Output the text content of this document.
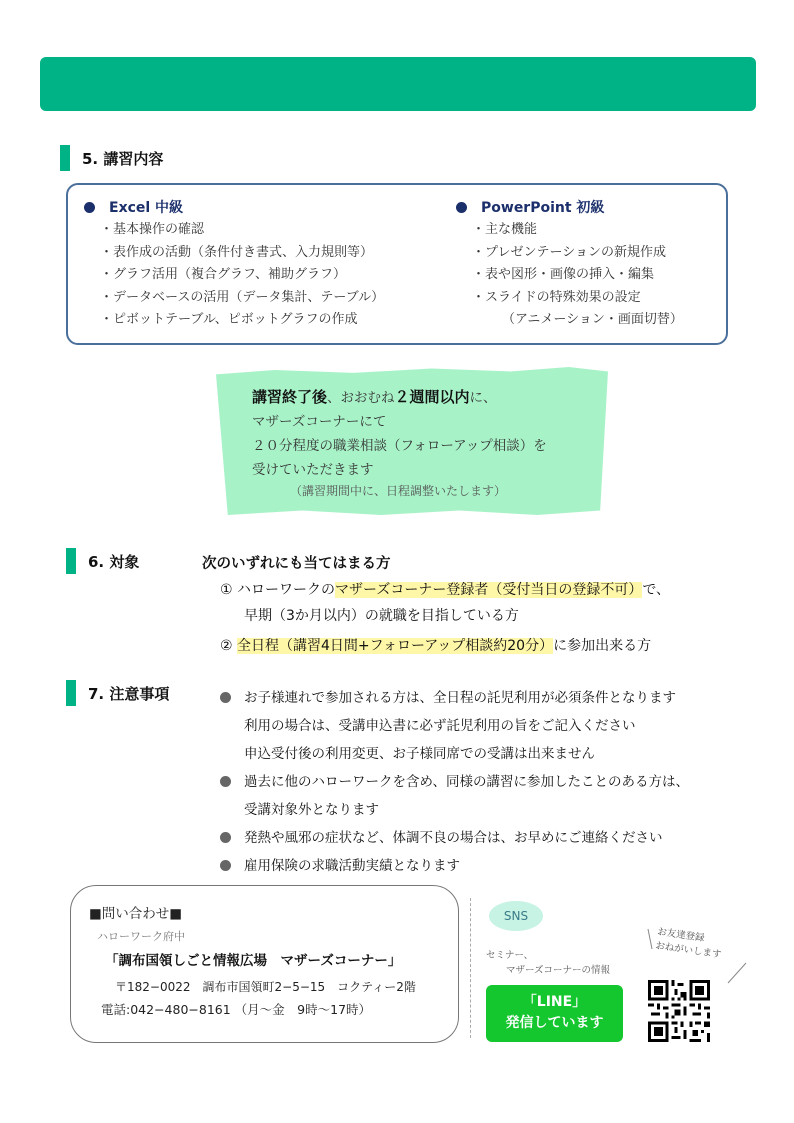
5. 講習内容
Excel 中級
・基本操作の確認
・表作成の活動（条件付き書式、入力規則等）
・グラフ活用（複合グラフ、補助グラフ）
・データベースの活用（データ集計、テーブル）
・ピボットテーブル、ピボットグラフの作成
PowerPoint 初級
・主な機能
・プレゼンテーションの新規作成
・表や図形・画像の挿入・編集
・スライドの特殊効果の設定
（アニメーション・画面切替）
講習終了後、おおむね２週間以内に、
マザーズコーナーにて
２０分程度の職業相談（フォローアップ相談）を
受けていただきます
（講習期間中に、日程調整いたします）
6. 対象	次のいずれにも当てはまる方
① ハローワークのマザーズコーナー登録者（受付当日の登録不可）で、
早期（3か月以内）の就職を目指している方
② 全日程（講習4日間+フォローアップ相談約20分）に参加出来る方
7. 注意事項	お子様連れで参加される方は、全日程の託児利用が必須条件となります
利用の場合は、受講申込書に必ず託児利用の旨をご記入ください
申込受付後の利用変更、お子様同席での受講は出来ません
過去に他のハローワークを含め、同様の講習に参加したことのある方は、
受講対象外となります
発熱や風邪の症状など、体調不良の場合は、お早めにご連絡ください
雇用保険の求職活動実績となります
■問い合わせ■
ハローワーク府中
「調布国領しごと情報広場　マザーズコーナー」
〒182−0022　調布市国領町2−5−15　コクティー2階
電話:042−480−8161 （月〜金　9時〜17時）
SNS
セミナー、
マザーズコーナーの情報
「LINE」
発信しています
お友達登録
おねがいします
